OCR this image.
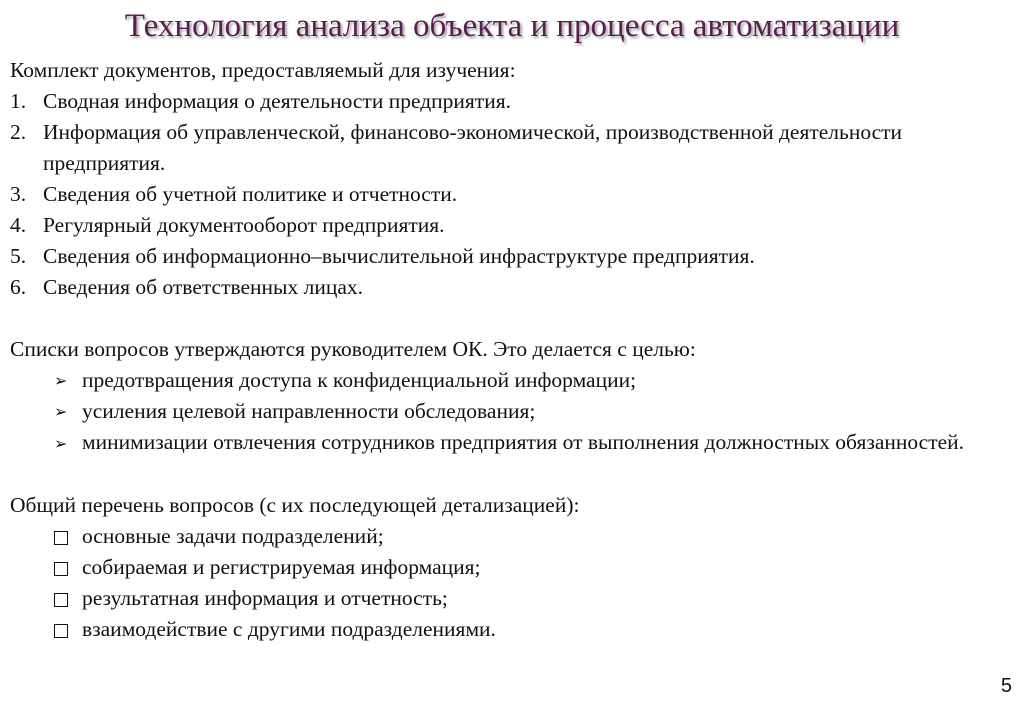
Технология анализа объекта и процесса автоматизации
Комплект документов, предоставляемый для изучения:
1. Сводная информация о деятельности предприятия.
2. Информация об управленческой, финансово-экономической, производственной деятельности предприятия.
3. Сведения об учетной политике и отчетности.
4. Регулярный документооборот предприятия.
5. Сведения об информационно–вычислительной инфраструктуре предприятия.
6. Сведения об ответственных лицах.
Списки вопросов утверждаются руководителем ОК. Это делается с целью:
➢ предотвращения доступа к конфиденциальной информации;
➢ усиления целевой направленности обследования;
➢ минимизации отвлечения сотрудников предприятия от выполнения должностных обязанностей.
Общий перечень вопросов (с их последующей детализацией):
основные задачи подразделений;
собираемая и регистрируемая информация;
результатная информация и отчетность;
взаимодействие с другими подразделениями.
5
